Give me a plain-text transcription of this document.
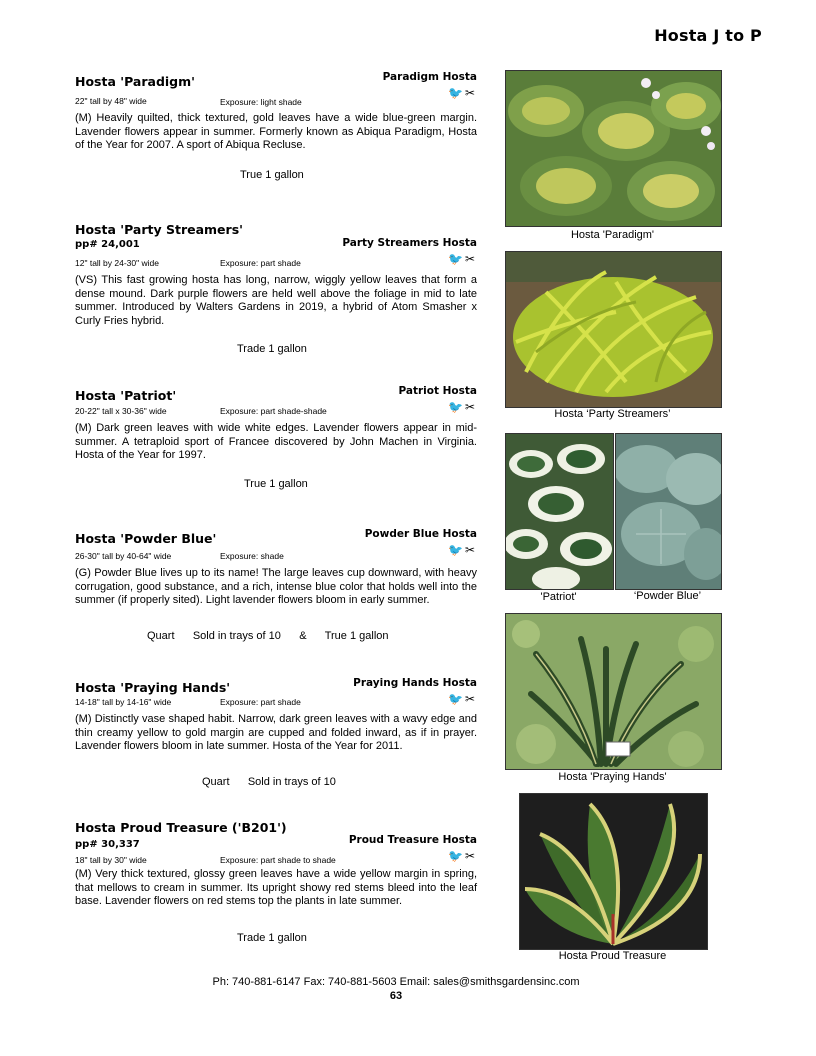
Hosta J to P
Hosta 'Paradigm'	Paradigm Hosta
🐦✂
22" tall by 48" wide	Exposure: light shade
(M) Heavily quilted, thick textured, gold leaves have a wide blue-green margin. Lavender flowers appear in summer. Formerly known as Abiqua Paradigm, Hosta of the Year for 2007. A sport of Abiqua Recluse.
True 1 gallon
Hosta 'Party Streamers'
pp# 24,001	Party Streamers Hosta
🐦✂
12" tall by 24-30" wide	Exposure: part shade
(VS) This fast growing hosta has long, narrow, wiggly yellow leaves that form a dense mound. Dark purple flowers are held well above the foliage in mid to late summer. Introduced by Walters Gardens in 2019, a hybrid of Atom Smasher x Curly Fries hybrid.
Trade 1 gallon
Hosta 'Patriot'	Patriot Hosta
🐦✂
20-22" tall x 30-36" wide	Exposure: part shade-shade
(M) Dark green leaves with wide white edges. Lavender flowers appear in mid-summer. A tetraploid sport of Francee discovered by John Machen in Virginia. Hosta of the Year for 1997.
True 1 gallon
Hosta 'Powder Blue'	Powder Blue Hosta
🐦✂
26-30" tall by 40-64" wide	Exposure: shade
(G) Powder Blue lives up to its name! The large leaves cup downward, with heavy corrugation, good substance, and a rich, intense blue color that holds well into the summer (if properly sited). Light lavender flowers bloom in early summer.
Quart      Sold in trays of 10      &      True 1 gallon
Hosta 'Praying Hands'	Praying Hands Hosta
🐦✂
14-18" tall by 14-16" wide	Exposure: part shade
(M) Distinctly vase shaped habit. Narrow, dark green leaves with a wavy edge and thin creamy yellow to gold margin are cupped and folded inward, as if in prayer. Lavender flowers bloom in late summer. Hosta of the Year for 2011.
Quart      Sold in trays of 10
Hosta Proud Treasure ('B201')
pp# 30,337	Proud Treasure Hosta
🐦✂
18" tall by 30" wide	Exposure: part shade to shade
(M) Very thick textured, glossy green leaves have a wide yellow margin in spring, that mellows to cream in summer. Its upright showy red stems bleed into the leaf base. Lavender flowers on red stems top the plants in late summer.
Trade 1 gallon
Hosta 'Paradigm'
Hosta ‘Party Streamers’
'Patriot'	‘Powder Blue’
Hosta 'Praying Hands'
Hosta Proud Treasure
Ph: 740-881-6147 Fax: 740-881-5603 Email: sales@smithsgardensinc.com
63
